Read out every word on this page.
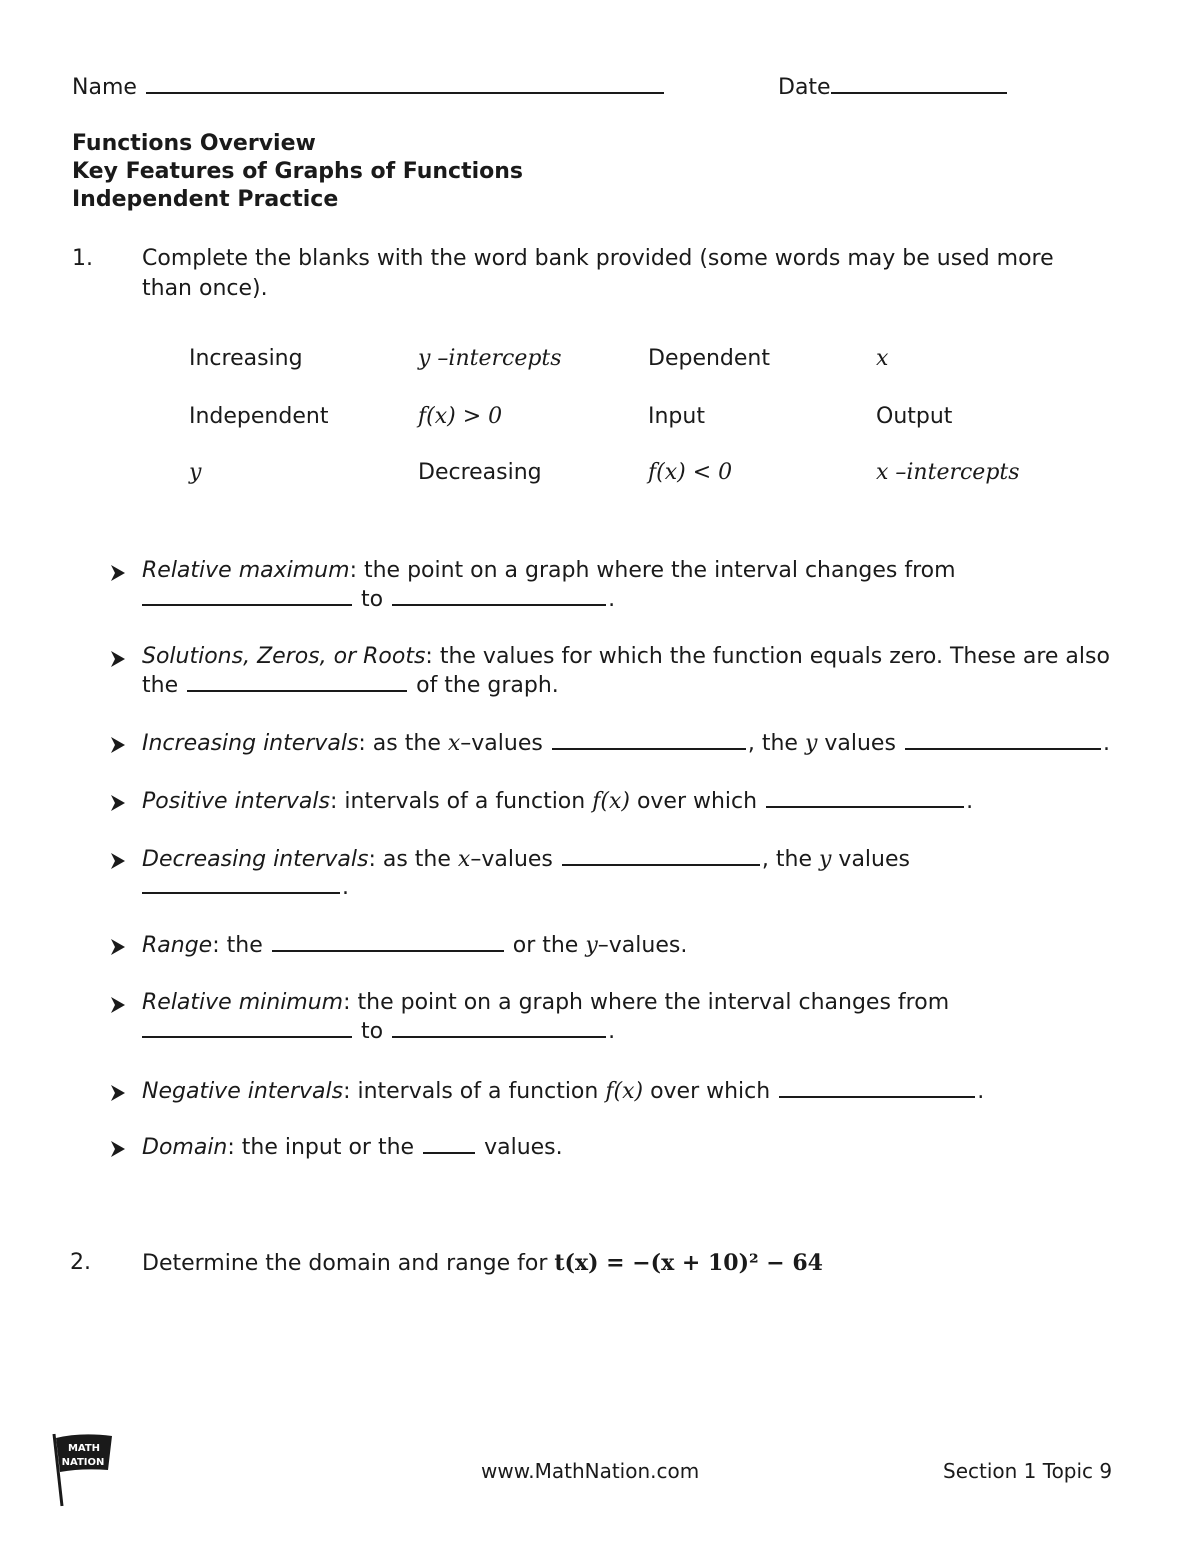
Name	Date
Functions Overview
Key Features of Graphs of Functions
Independent Practice
1. Complete the blanks with the word bank provided (some words may be used more
than once).
Increasing	y –intercepts	Dependent	x
Independent	f(x) > 0	Input	Output
y	Decreasing	f(x) < 0	x –intercepts
Relative maximum: the point on a graph where the interval changes from
to	.
Solutions, Zeros, or Roots: the values for which the function equals zero. These are also
the	of the graph.
Increasing intervals: as the x–values	, the y values	.
Positive intervals: intervals of a function f(x) over which	.
Decreasing intervals: as the x–values	, the y values
.
Range: the	or the y–values.
Relative minimum: the point on a graph where the interval changes from
to	.
Negative intervals: intervals of a function f(x) over which	.
Domain: the input or the	values.
2. Determine the domain and range for t(x) = −(x + 10)² − 64
MATH
NATION	www.MathNation.com	Section 1 Topic 9
